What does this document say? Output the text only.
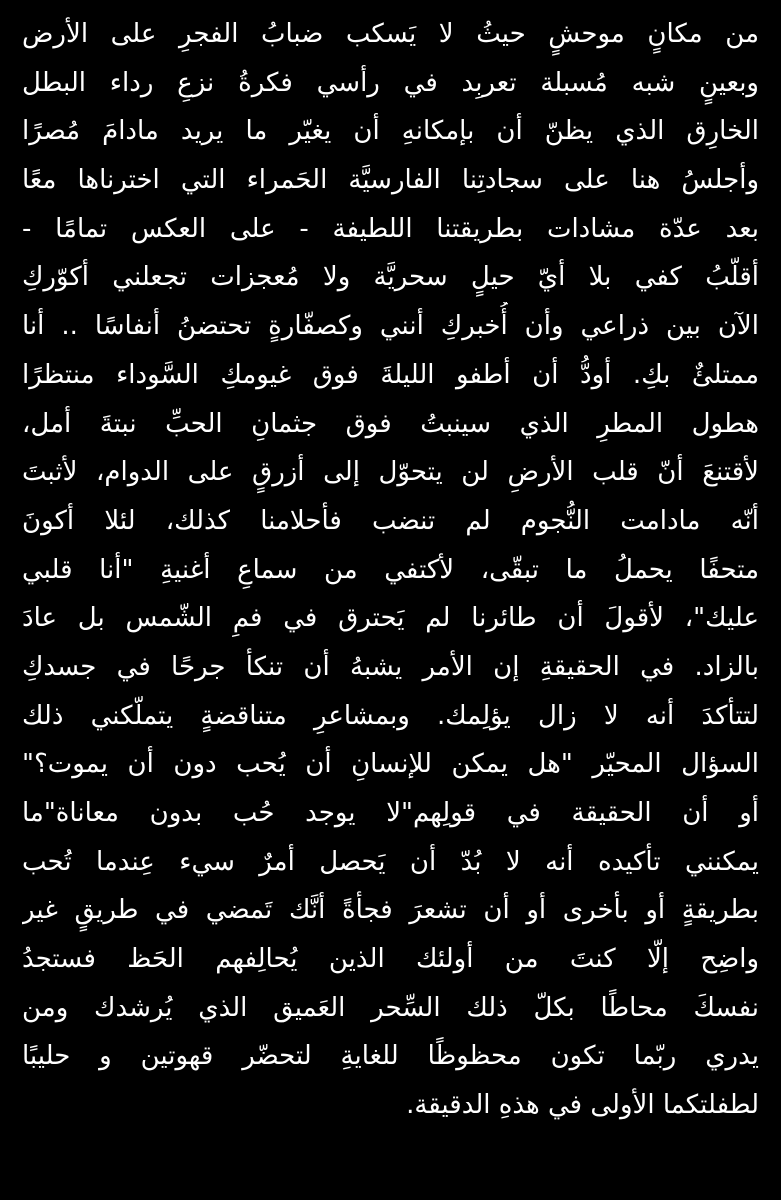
من مكانٍ موحشٍ حيثُ لا يَسكب ضبابُ الفجرِ على الأرض
وبعينٍ شبه مُسبلة تعربِد في رأسي فكرةُ نزعِ رداء البطل
الخارِق الذي يظنّ أن بإمكانهِ أن يغيّر ما يريد مادامَ مُصرًا
وأجلسُ هنا على سجادتِنا الفارسيَّة الحَمراء التي اخترناها معًا
بعد عدّة مشادات بطريقتنا اللطيفة - على العكس تمامًا -
أقلّبُ كفي بلا أيّ حيلٍ سحريَّة ولا مُعجزات تجعلني أكوّركِ
الآن بين ذراعي وأن أُخبركِ أنني وكصفّارةٍ تحتضنُ أنفاسًا .. أنا
ممتلئٌ بكِ. أودُّ أن أطفو الليلةَ فوق غيومكِ السَّوداء منتظرًا
هطول المطرِ الذي سينبتُ فوق جثمانِ الحبِّ نبتةَ أمل،
لأقتنعَ أنّ قلب الأرضِ لن يتحوّل إلى أزرقٍ على الدوام، لأثبتَ
أنّه مادامت النُّجوم لم تنضب فأحلامنا كذلك، لئلا أكونَ
متحفًا يحملُ ما تبقّى، لأكتفي من سماعِ أغنيةِ "أنا قلبي
عليك"، لأقولَ أن طائرنا لم يَحترق في فمِ الشّمس بل عادَ
بالزاد. في الحقيقةِ إن الأمر يشبهُ أن تنكأ جرحًا في جسدكِ
لتتأكدَ أنه لا زال يؤلِمك. وبمشاعرِ متناقضةٍ يتملّكني ذلك
السؤال المحيّر "هل يمكن للإنسانِ أن يُحب دون أن يموت؟"
أو أن الحقيقة في قولِهم"لا يوجد حُب بدون معاناة"ما
يمكنني تأكيده أنه لا بُدّ أن يَحصل أمرٌ سيء عِندما تُحب
بطريقةٍ أو بأخرى أو أن تشعرَ فجأةً أنَّك تَمضي في طريقٍ غير
واضِح إلّا كنتَ من أولئك الذين يُحالِفهم الحَظ فستجدُ
نفسكَ محاطًا بكلّ ذلك السِّحر العَميق الذي يُرشدك ومن
يدري ربّما تكون محظوظًا للغايةِ لتحضّر قهوتين و حليبًا
لطفلتكما الأولى في هذهِ الدقيقة.
